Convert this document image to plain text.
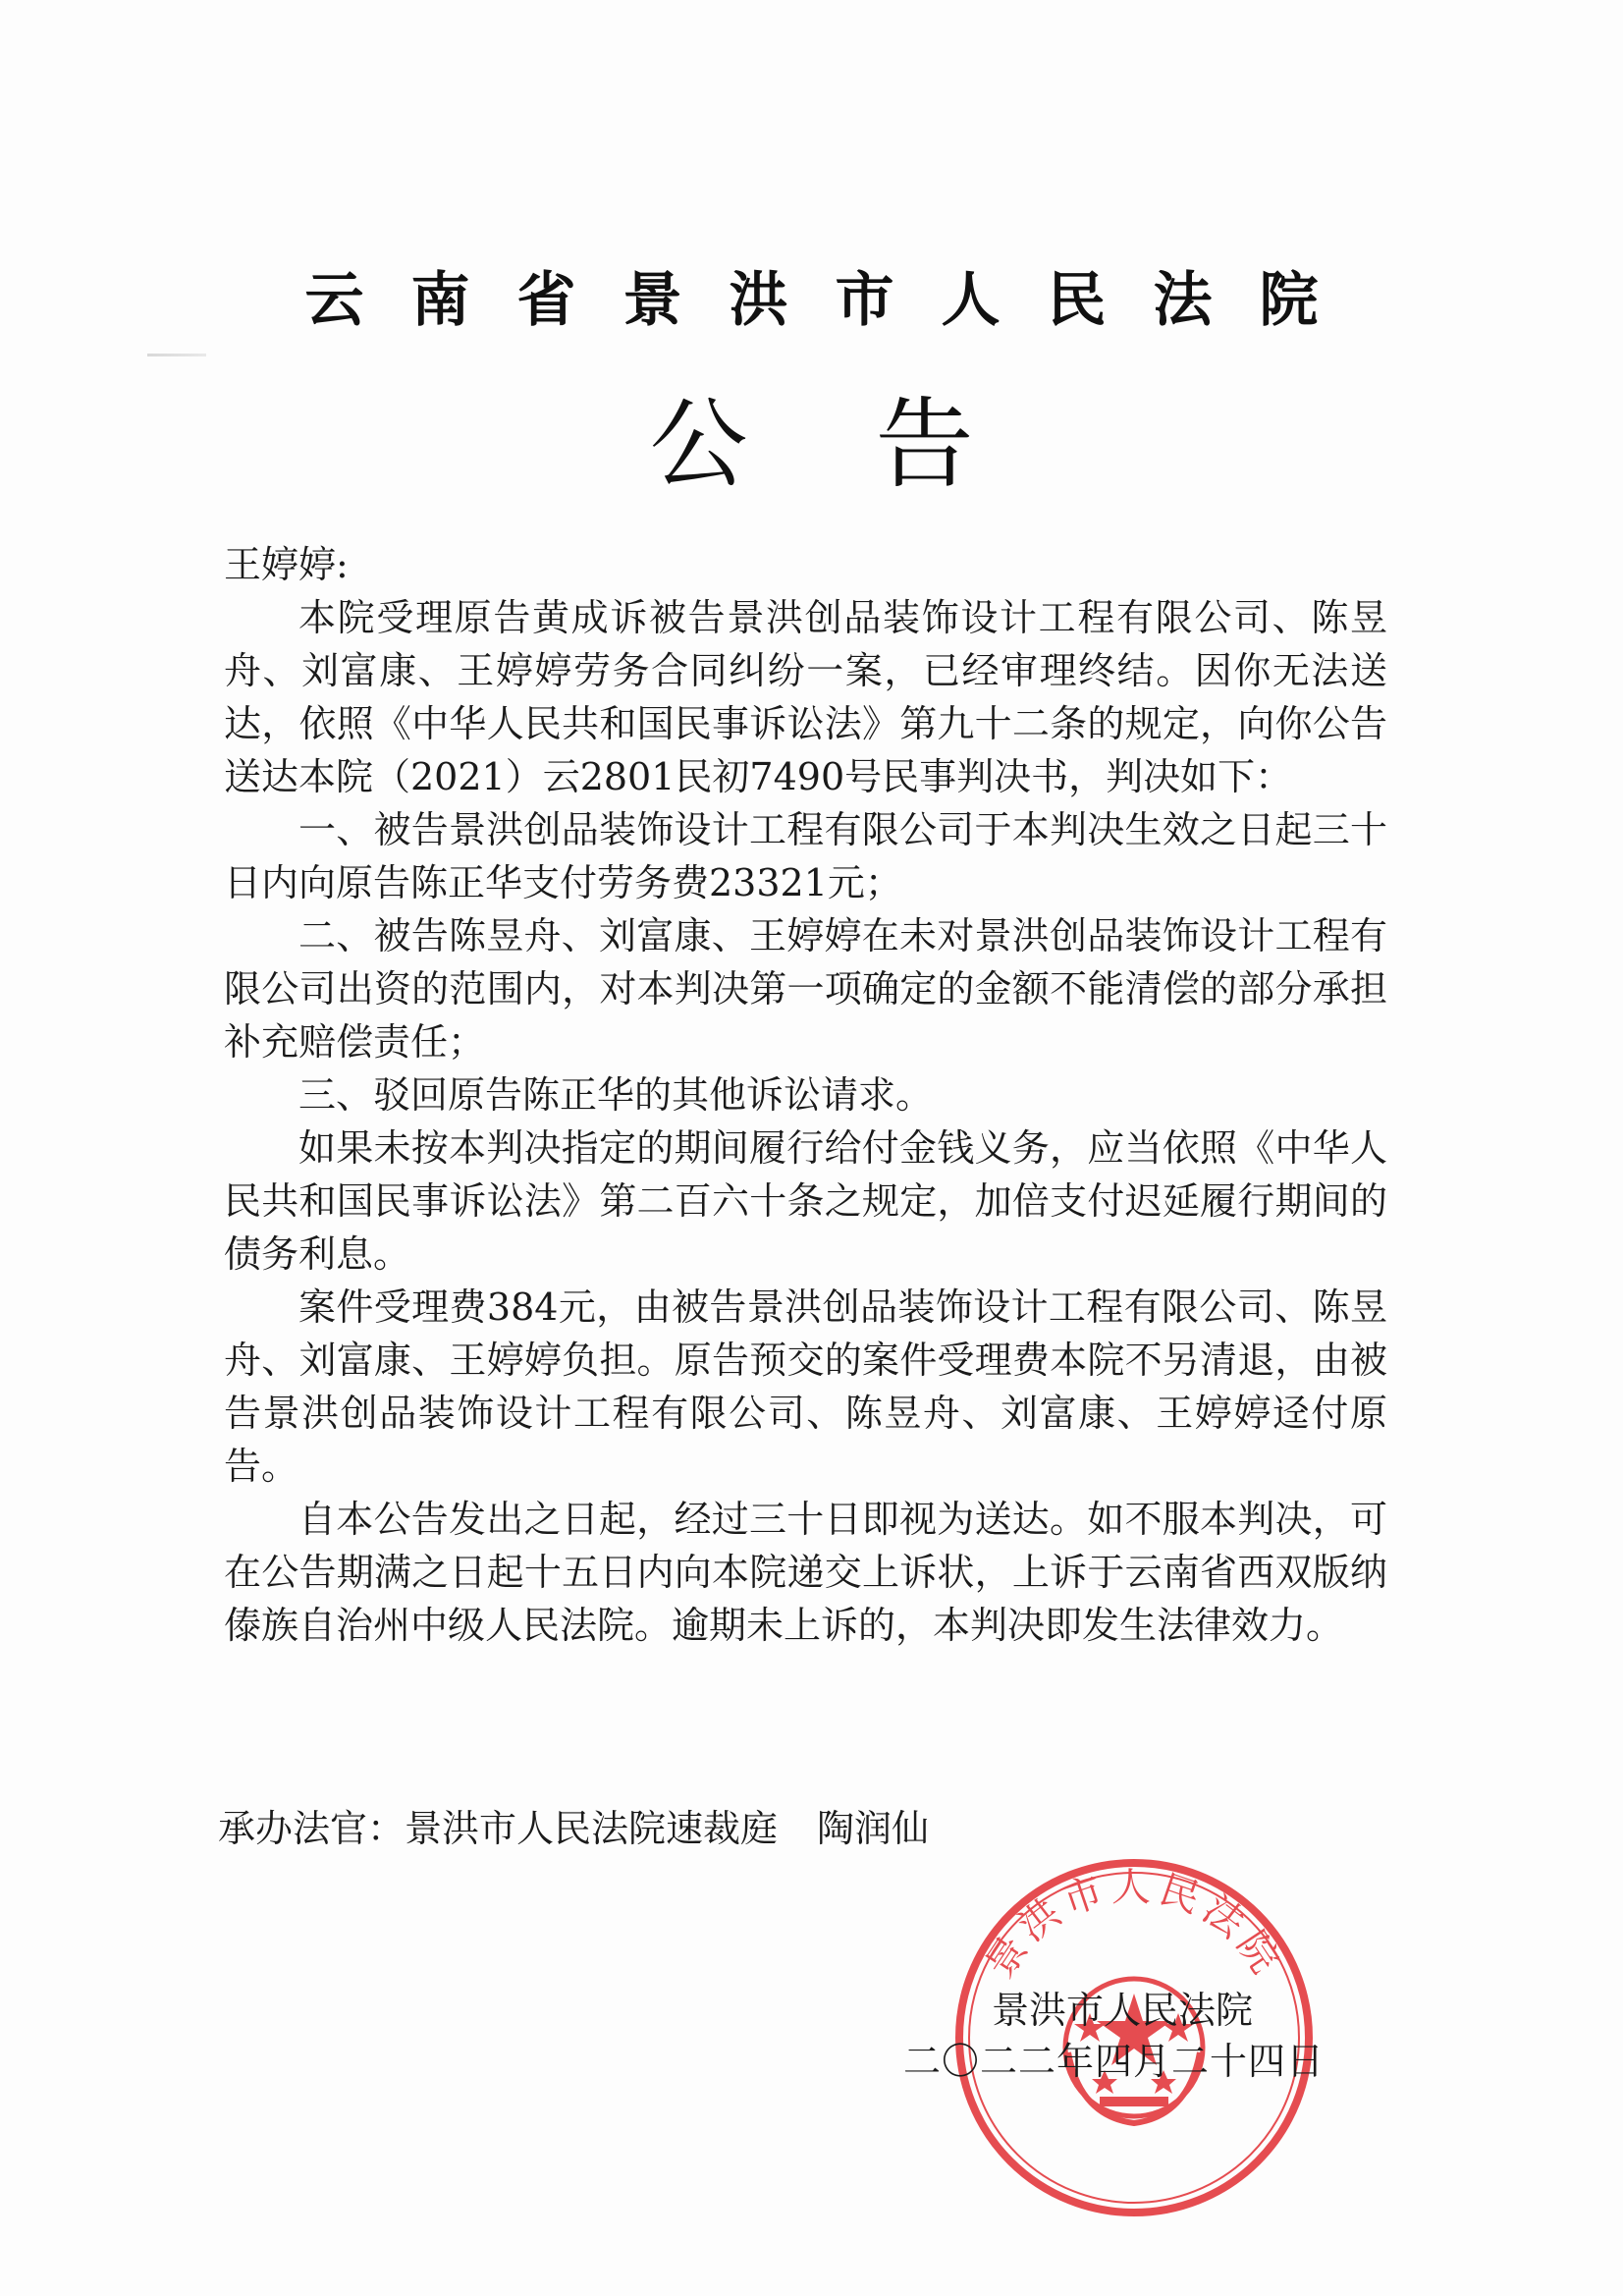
云南省景洪市人民法院
公告

王婷婷:

本院受理原告黄成诉被告景洪创品装饰设计工程有限公司、陈昱舟、刘富康、王婷婷劳务合同纠纷一案，已经审理终结。因你无法送达，依照《中华人民共和国民事诉讼法》第九十二条的规定，向你公告送达本院（2021）云2801民初7490号民事判决书，判决如下：

一、被告景洪创品装饰设计工程有限公司于本判决生效之日起三十日内向原告陈正华支付劳务费23321元；

二、被告陈昱舟、刘富康、王婷婷在未对景洪创品装饰设计工程有限公司出资的范围内，对本判决第一项确定的金额不能清偿的部分承担补充赔偿责任；

三、驳回原告陈正华的其他诉讼请求。

如果未按本判决指定的期间履行给付金钱义务，应当依照《中华人民共和国民事诉讼法》第二百六十条之规定，加倍支付迟延履行期间的债务利息。

案件受理费384元，由被告景洪创品装饰设计工程有限公司、陈昱舟、刘富康、王婷婷负担。原告预交的案件受理费本院不另清退，由被告景洪创品装饰设计工程有限公司、陈昱舟、刘富康、王婷婷迳付原告。

自本公告发出之日起，经过三十日即视为送达。如不服本判决，可在公告期满之日起十五日内向本院递交上诉状，上诉于云南省西双版纳傣族自治州中级人民法院。逾期未上诉的，本判决即发生法律效力。

承办法官：景洪市人民法院速裁庭 陶润仙
景洪市人民法院
景洪市人民法院
二〇二二年四月二十四日
